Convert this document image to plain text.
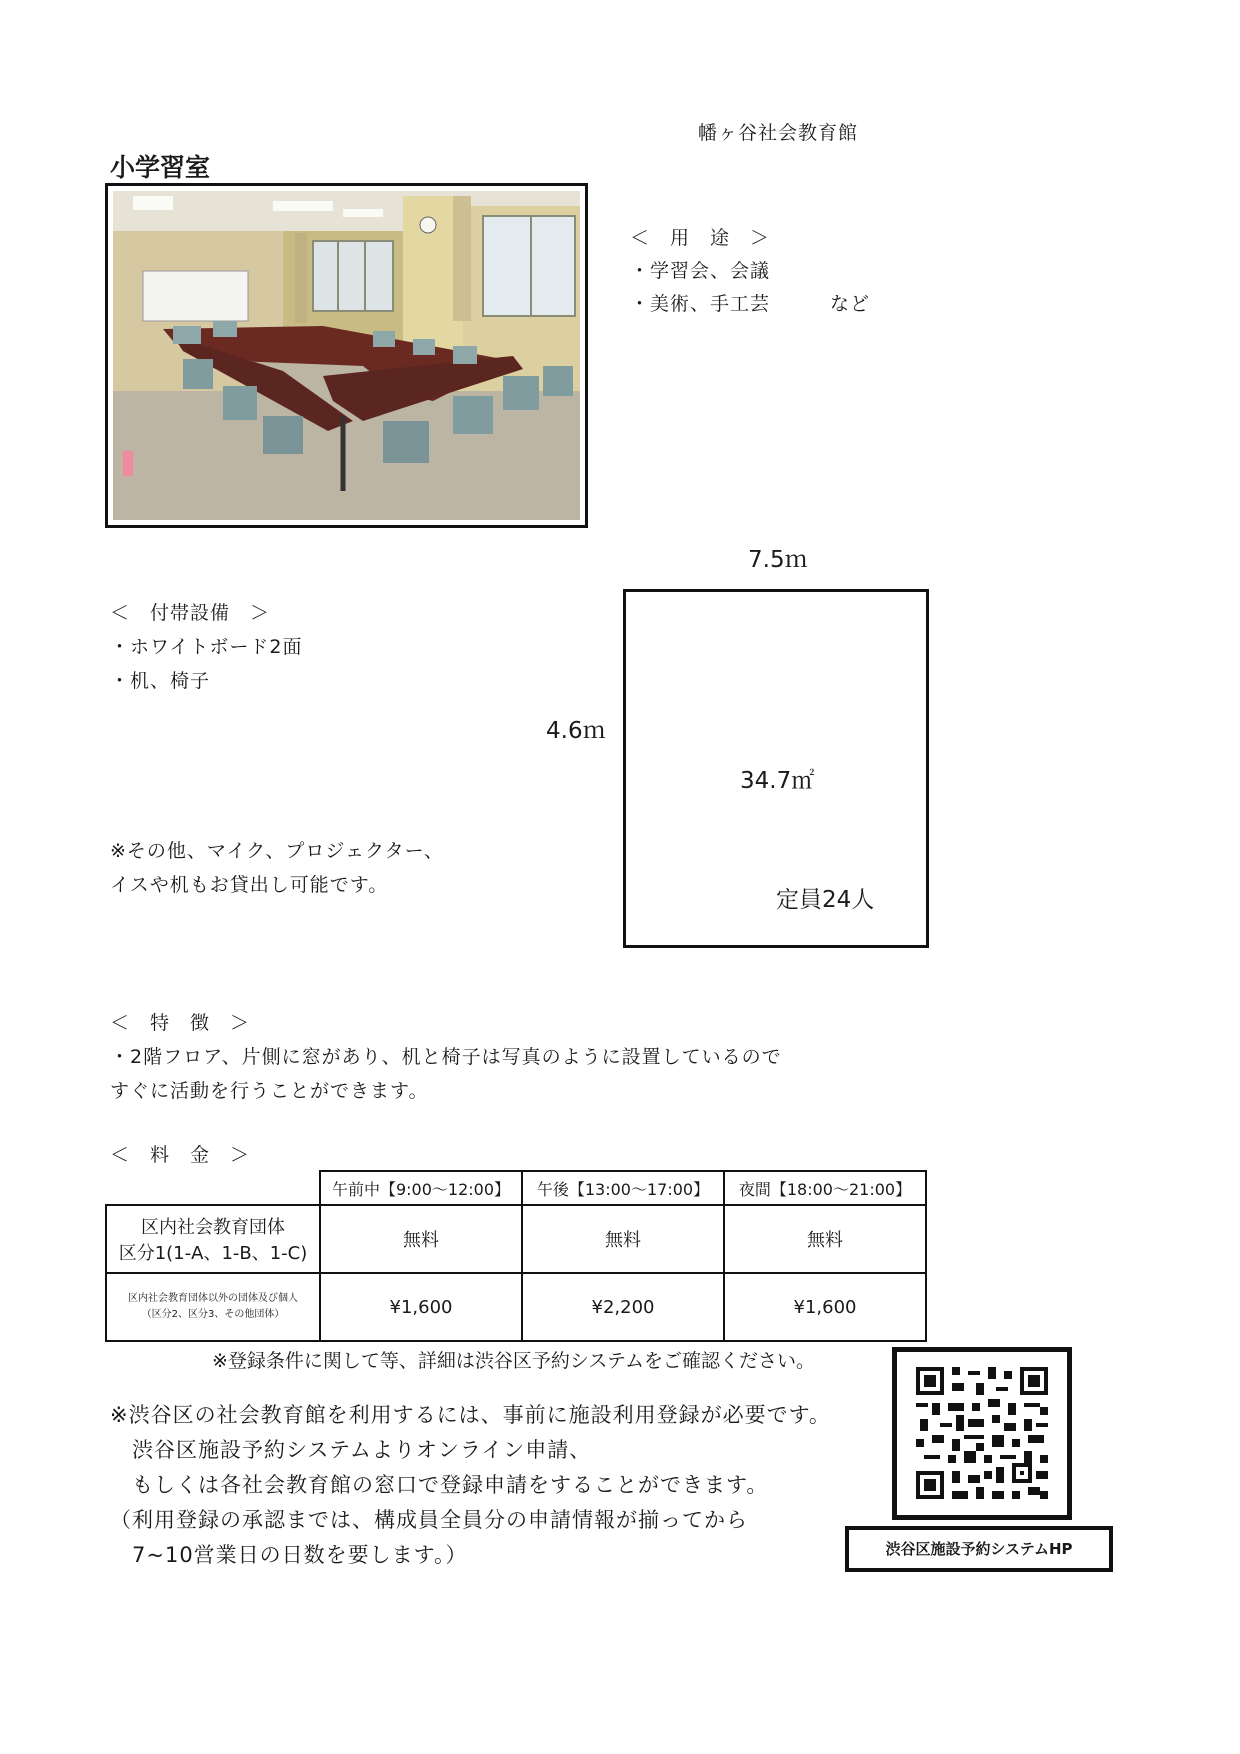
幡ヶ谷社会教育館
小学習室
＜　用　途　＞
・学習会、会議
・美術、手工芸　　　など
7.5ｍ
4.6ｍ
34.7㎡
定員24人
＜　付帯設備　＞
・ホワイトボード2面
・机、椅子
※その他、マイク、プロジェクター、
イスや机もお貸出し可能です。
＜　特　徴　＞
・2階フロア、片側に窓があり、机と椅子は写真のように設置しているので
すぐに活動を行うことができます。
＜　料　金　＞
	午前中【9:00～12:00】	午後【13:00～17:00】	夜間【18:00～21:00】

区内社会教育団体
区分1(1-A、1-B、1-C)	無料	無料	無料

区内社会教育団体以外の団体及び個人
（区分2、区分3、その他団体）	¥1,600	¥2,200	¥1,600
※登録条件に関して等、詳細は渋谷区予約システムをご確認ください。
※渋谷区の社会教育館を利用するには、事前に施設利用登録が必要です。
　渋谷区施設予約システムよりオンライン申請、
　もしくは各社会教育館の窓口で登録申請をすることができます。
（利用登録の承認までは、構成員全員分の申請情報が揃ってから
　7~10営業日の日数を要します。）	渋谷区施設予約システムHP
